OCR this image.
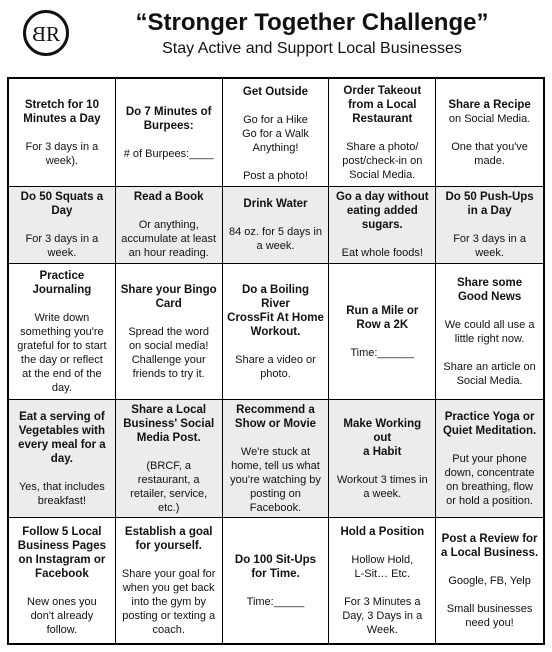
BR	“Stronger Together Challenge”
Stay Active and Support Local Businesses
Stretch for 10
Minutes a Day
For 3 days in a
week).
Do 7 Minutes of
Burpees:
# of Burpees:____
Get Outside
Go for a Hike
Go for a Walk
Anything!

Post a photo!
Order Takeout
from a Local
Restaurant
Share a photo/
post/check-in on
Social Media.
Share a Recipe
on Social Media.

One that you've
made.
Do 50 Squats a
Day
For 3 days in a
week.
Read a Book
Or anything,
accumulate at least
an hour reading.
Drink Water
84 oz. for 5 days in
a week.
Go a day without
eating added
sugars.
Eat whole foods!
Do 50 Push-Ups
in a Day
For 3 days in a
week.
Practice
Journaling
Write down
something you're
grateful for to start
the day or reflect
at the end of the
day.
Share your Bingo
Card
Spread the word
on social media!
Challenge your
friends to try it.
Do a Boiling River
CrossFit At Home
Workout.
Share a video or
photo.
Run a Mile or
Row a 2K
Time:______
Share some
Good News
We could all use a
little right now.

Share an article on
Social Media.
Eat a serving of
Vegetables with
every meal for a
day.
Yes, that includes
breakfast!
Share a Local
Business' Social
Media Post.
(BRCF, a
restaurant, a
retailer, service,
etc.)
Recommend a
Show or Movie
We're stuck at
home, tell us what
you're watching by
posting on
Facebook.
Make Working out
a Habit
Workout 3 times in
a week.
Practice Yoga or
Quiet Meditation.
Put your phone
down, concentrate
on breathing, flow
or hold a position.
Follow 5 Local
Business Pages
on Instagram or
Facebook
New ones you
don't already
follow.
Establish a goal
for yourself.
Share your goal for
when you get back
into the gym by
posting or texting a
coach.
Do 100 Sit-Ups
for Time.
Time:_____
Hold a Position
Hollow Hold,
L-Sit… Etc.

For 3 Minutes a
Day, 3 Days in a
Week.
Post a Review for
a Local Business.
Google, FB, Yelp

Small businesses
need you!
